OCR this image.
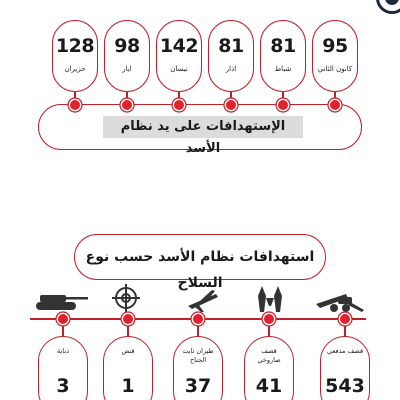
95
كانون الثاني
81
شباط
81
اذار
142
نيسان
98
ايار
128
حزيران
الإستهدافات على يد نظام الأسد
استهدافات نظام الأسد حسب نوع السلاح
قصف مدفعي
543
قصف صاروخي
41
طيران ثابت الجناح
37
قنص
1
دبابة
3
